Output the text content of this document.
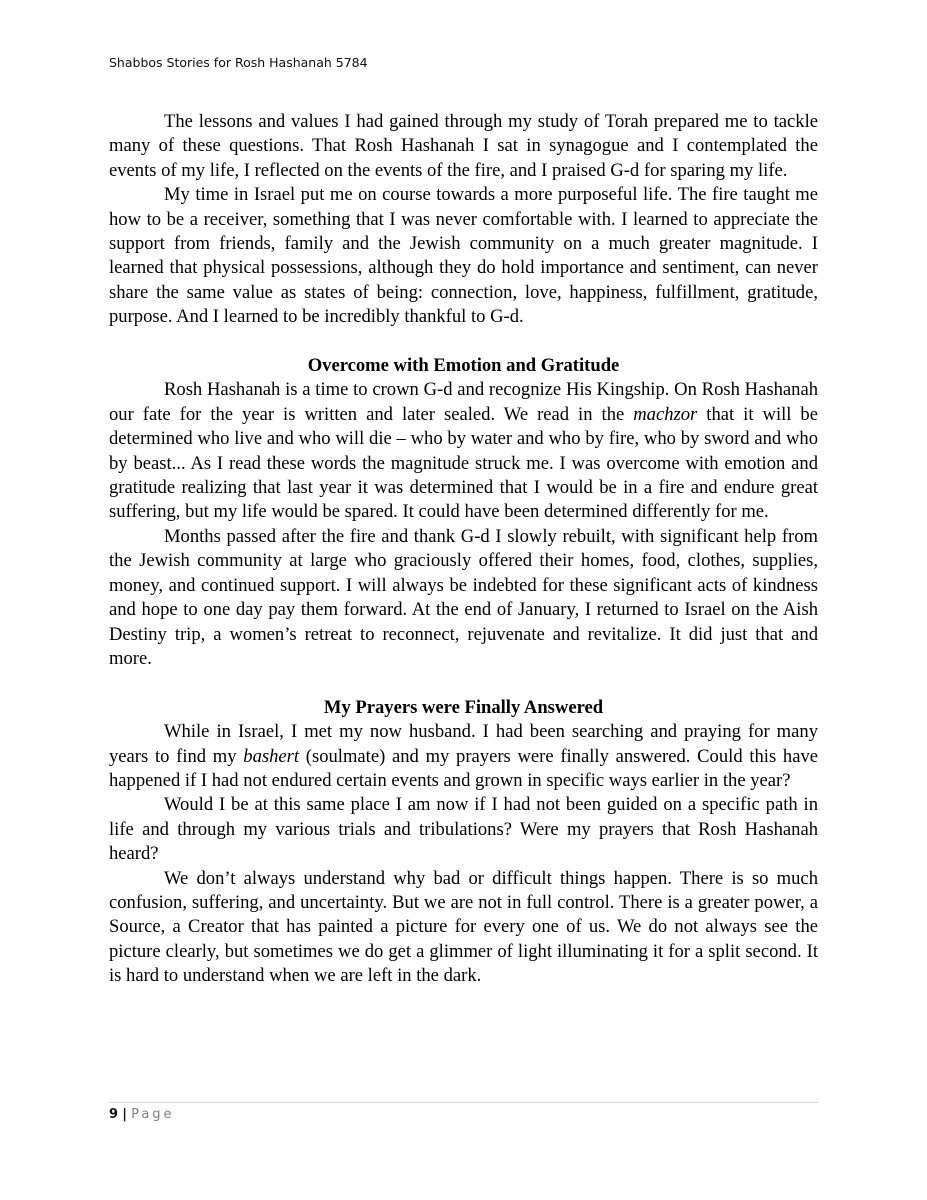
Shabbos Stories for Rosh Hashanah 5784

The lessons and values I had gained through my study of Torah prepared me to tackle many of these questions. That Rosh Hashanah I sat in synagogue and I contemplated the events of my life, I reflected on the events of the fire, and I praised G-d for sparing my life.

My time in Israel put me on course towards a more purposeful life. The fire taught me how to be a receiver, something that I was never comfortable with. I learned to appreciate the support from friends, family and the Jewish community on a much greater magnitude. I learned that physical possessions, although they do hold importance and sentiment, can never share the same value as states of being: connection, love, happiness, fulfillment, gratitude, purpose. And I learned to be incredibly thankful to G-d.

Overcome with Emotion and Gratitude

Rosh Hashanah is a time to crown G-d and recognize His Kingship. On Rosh Hashanah our fate for the year is written and later sealed. We read in the machzor that it will be determined who live and who will die – who by water and who by fire, who by sword and who by beast... As I read these words the magnitude struck me. I was overcome with emotion and gratitude realizing that last year it was determined that I would be in a fire and endure great suffering, but my life would be spared. It could have been determined differently for me.

Months passed after the fire and thank G-d I slowly rebuilt, with significant help from the Jewish community at large who graciously offered their homes, food, clothes, supplies, money, and continued support. I will always be indebted for these significant acts of kindness and hope to one day pay them forward. At the end of January, I returned to Israel on the Aish Destiny trip, a women’s retreat to reconnect, rejuvenate and revitalize. It did just that and more.

My Prayers were Finally Answered

While in Israel, I met my now husband. I had been searching and praying for many years to find my bashert (soulmate) and my prayers were finally answered. Could this have happened if I had not endured certain events and grown in specific ways earlier in the year?

Would I be at this same place I am now if I had not been guided on a specific path in life and through my various trials and tribulations? Were my prayers that Rosh Hashanah heard?

We don’t always understand why bad or difficult things happen. There is so much confusion, suffering, and uncertainty. But we are not in full control. There is a greater power, a Source, a Creator that has painted a picture for every one of us. We do not always see the picture clearly, but sometimes we do get a glimmer of light illuminating it for a split second. It is hard to understand when we are left in the dark.

9 | Page
